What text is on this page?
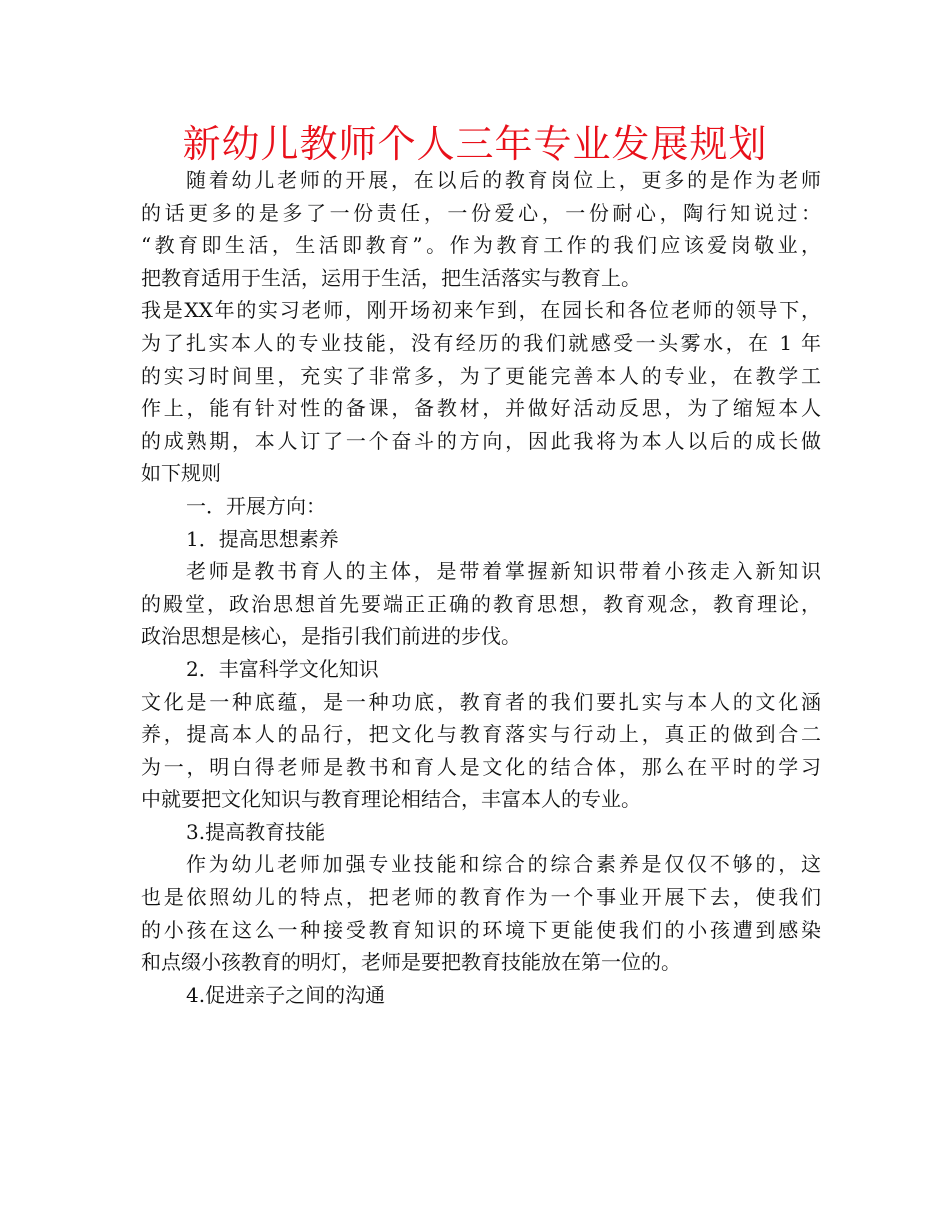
新幼儿教师个人三年专业发展规划
随着幼儿老师的开展，在以后的教育岗位上，更多的是作为老师
的话更多的是多了一份责任，一份爱心，一份耐心，陶行知说过：
“教育即生活，生活即教育”。作为教育工作的我们应该爱岗敬业，
把教育适用于生活，运用于生活，把生活落实与教育上。
我是XX年的实习老师，刚开场初来乍到，在园长和各位老师的领导下，
为了扎实本人的专业技能，没有经历的我们就感受一头雾水，在 1 年
的实习时间里，充实了非常多，为了更能完善本人的专业，在教学工
作上，能有针对性的备课，备教材，并做好活动反思，为了缩短本人
的成熟期，本人订了一个奋斗的方向，因此我将为本人以后的成长做
如下规则
一．开展方向：
1．提高思想素养
老师是教书育人的主体，是带着掌握新知识带着小孩走入新知识
的殿堂，政治思想首先要端正正确的教育思想，教育观念，教育理论，
政治思想是核心，是指引我们前进的步伐。
2．丰富科学文化知识
文化是一种底蕴，是一种功底，教育者的我们要扎实与本人的文化涵
养，提高本人的品行，把文化与教育落实与行动上，真正的做到合二
为一，明白得老师是教书和育人是文化的结合体，那么在平时的学习
中就要把文化知识与教育理论相结合，丰富本人的专业。
3.提高教育技能
作为幼儿老师加强专业技能和综合的综合素养是仅仅不够的，这
也是依照幼儿的特点，把老师的教育作为一个事业开展下去，使我们
的小孩在这么一种接受教育知识的环境下更能使我们的小孩遭到感染
和点缀小孩教育的明灯，老师是要把教育技能放在第一位的。
4.促进亲子之间的沟通
